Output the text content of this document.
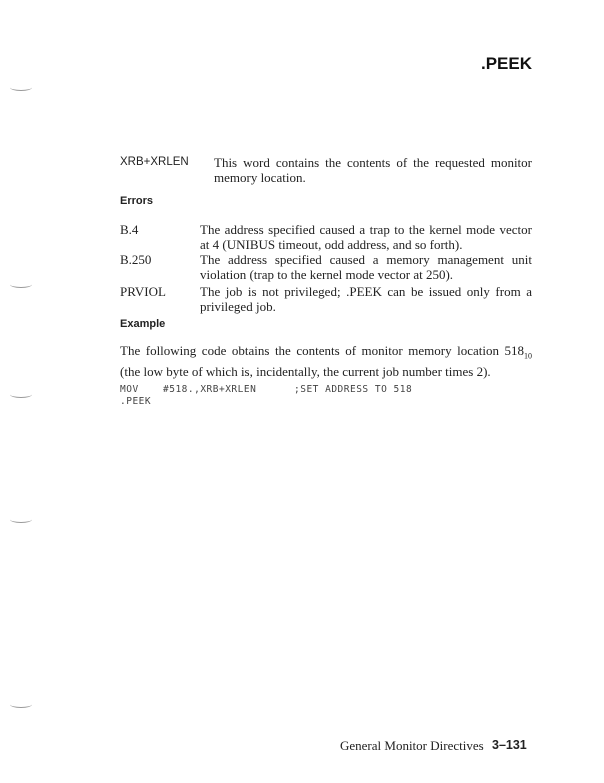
.PEEK
XRB+XRLEN This word contains the contents of the requested monitor memory location.
Errors
B.4	The address specified caused a trap to the kernel mode vector at 4 (UNIBUS timeout, odd address, and so forth).
B.250	The address specified caused a memory management unit violation (trap to the kernel mode vector at 250).
PRVIOL	The job is not privileged; .PEEK can be issued only from a privileged job.
Example
The following code obtains the contents of monitor memory location $518_{10}$ (the low byte of which is, incidentally, the current job number times 2).
MOV	#518.,XRB+XRLEN	;SET ADDRESS TO 518
.PEEK
General Monitor Directives 3–131
